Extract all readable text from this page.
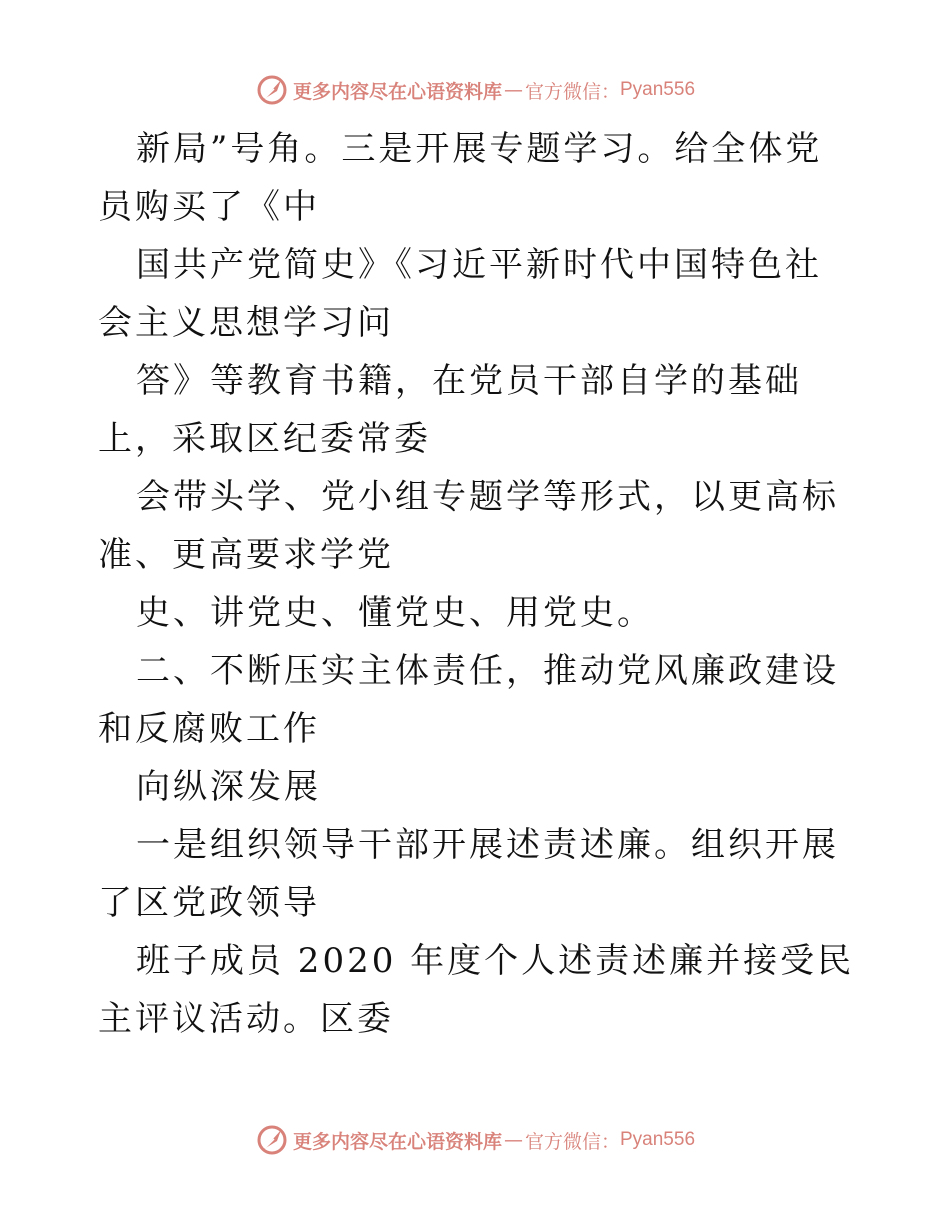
更多内容尽在心语资料库 — 官方微信： Pyan556

新局”号角。三是开展专题学习。给全体党员购买了《中

国共产党简史》《习近平新时代中国特色社会主义思想学习问

答》等教育书籍，在党员干部自学的基础上，采取区纪委常委

会带头学、党小组专题学等形式，以更高标准、更高要求学党

史、讲党史、懂党史、用党史。

二、不断压实主体责任，推动党风廉政建设和反腐败工作

向纵深发展

一是组织领导干部开展述责述廉。组织开展了区党政领导

班子成员 2020 年度个人述责述廉并接受民主评议活动。区委

更多内容尽在心语资料库 — 官方微信： Pyan556
